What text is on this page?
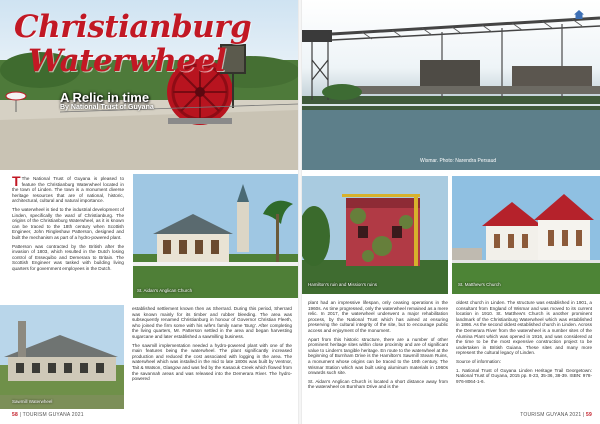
Christianburg
Waterwheel
A Relic in time
By National Trust of Guyana

T The National Trust of Guyana is pleased to feature the Christianburg Waterwheel located in the town of Linden. The town is a monument diverse heritage resources that are of national, historic, architectural, cultural and natural importance.

The waterwheel is tied to the industrial development of Linden, specifically the ward of Christianburg. The origins of the Christianburg Waterwheel, as it is known can be traced to the 18th century when Scottish Engineer, John Ringleshaw Patterson, designed and built the mechanism as part of a hydro-powered plant.

Patterson was contracted by the British after the invasion of 1803, which resulted in the Dutch losing control of Essequibo and Demerara to Britain. The Scottish Engineer was tasked with building living quarters for government employees in the Dutch.

St. Aidan's Anglican Church
Sawmill Waterwheel

established settlement known then as Sherrard. During this period, Sherrard was known mainly for its timber and rubber bleeding. The area was subsequently renamed Christianburg in honour of Governor Christian Fleeth, who joined the firm some with his wife's family name 'Burg'. After completing the living quarters, Mr. Patterson settled in the area and began harvesting sugarcane and later established a sawmilling business.

The sawmill implementation needed a hydro-powered plant with one of the main features being the waterwheel. The plant significantly increased production and reduced the cost associated with logging in the area. The waterwheel which was installed in the mid to late 1800s was built by Ventnor, Tait & Watson, Glasgow and was fed by the Kasacuk Creek which flowed from the savannah areas and was released into the Demerara River. The hydro-powered

58 | TOURISM GUYANA 2021
Wismar. Photo: Narendra Persaud
Hamilton's ruin and Mission's ruins	St. Matthew's Church

plant had an impressive lifespan, only ceasing operations in the 1960s. As time progressed, only the waterwheel remained as a mere relic. In 2017, the waterwheel underwent a major rehabilitation process, by the National Trust which has aimed at ensuring preserving the cultural integrity of the site, but to encourage public access and enjoyment of the monument.

Apart from this historic structure, there are a number of other prominent heritage sites within close proximity and are of significant value to Linden's tangible heritage. En route to the waterwheel at the beginning of Burnham Drive is the Hamilton's Sawmill Steam Ruins, a monument whose origins can be traced to the 19th century. The Wismar Station which was built using aluminum materials in 1960s onwards such site.

St. Aidan's Anglican Church is located a short distance away from the waterwheel on Burnham Drive and is the

oldest church in Linden. The structure was established in 1901, a consultant from England of Wismar and was moved to its current location in 1910. St. Matthew's Church is another prominent landmark of the Christianburg Waterwheel which was established in 1866. As the second oldest established church in Linden. Across the Demerara River from the waterwheel is a number sites of the Alumina Plant which was opened in 1916, and was considered at the time to be the most expensive construction project to be undertaken in British Guiana. These sites and many more represent the cultural legacy of Linden.

Source of information:

1. National Trust of Guyana Linden Heritage Trail Georgetown: National Trust of Guyana, 2015 pp. 8-23, 35-36, 38-39. ISBN: 978-976-8064-1-6.

TOURISM GUYANA 2021 | 59
